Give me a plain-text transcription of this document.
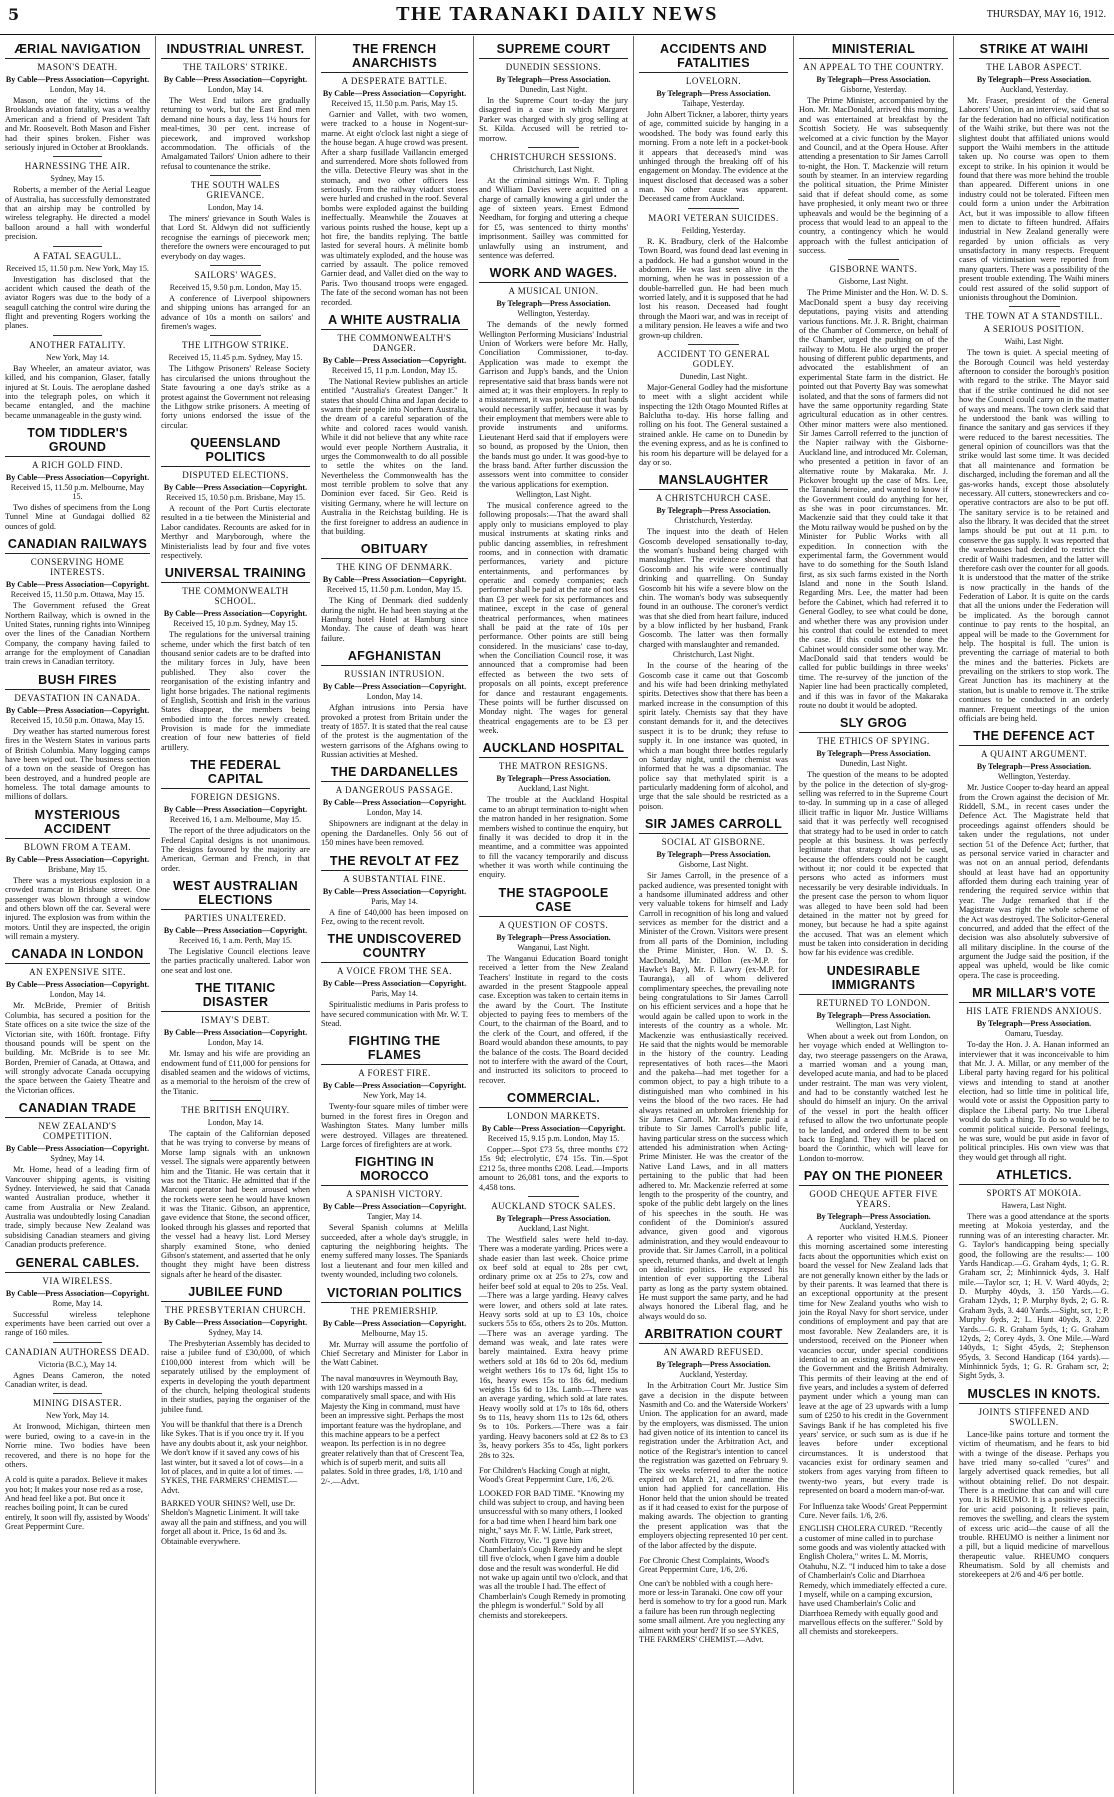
5	THE TARANAKI DAILY NEWS	THURSDAY, MAY 16, 1912.
ÆRIAL NAVIGATION
MASON'S DEATH.
By Cable—Press Association—Copyright.
London, May 14.

Mason, one of the victims of the Brooklands aviation fatality, was a wealthy American and a friend of President Taft and Mr. Roosevelt. Both Mason and Fisher had their spines broken. Fisher was seriously injured in October at Brooklands.

HARNESSING THE AIR.
Sydney, May 15.

Roberts, a member of the Aerial League of Australia, has successfully demonstrated that an airship may be controlled by wireless telegraphy. He directed a model balloon around a hall with wonderful precision.

A FATAL SEAGULL.
Received 15, 11.50 p.m. New York, May 15.

Investigation has disclosed that the accident which caused the death of the aviator Rogers was due to the body of a seagull catching the control wire during the flight and preventing Rogers working the planes.

ANOTHER FATALITY.
New York, May 14.

Bay Wheeler, an amateur aviator, was killed, and his companion, Glaser, fatally injured at St. Louis. The aeroplane dashed into the telegraph poles, on which it became entangled, and the machine became unmanageable in the gusty wind.

TOM TIDDLER'S GROUND
A RICH GOLD FIND.
By Cable—Press Association—Copyright.
Received 15, 11.50 p.m. Melbourne, May 15.

Two dishes of specimens from the Long Tunnel Mine at Gundagai dollied 82 ounces of gold.

CANADIAN RAILWAYS
CONSERVING HOME INTERESTS.
By Cable—Press Association—Copyright.
Received 15, 11.50 p.m. Ottawa, May 15.

The Government refused the Great Northern Railway, which is owned in the United States, running rights into Winnipeg over the lines of the Canadian Northern Company, the company having failed to arrange for the employment of Canadian train crews in Canadian territory.

BUSH FIRES
DEVASTATION IN CANADA.
By Cable—Press Association—Copyright.
Received 15, 10.50 p.m. Ottawa, May 15.

Dry weather has started numerous forest fires in the Western States in various parts of British Columbia. Many logging camps have been wiped out. The business section of a town on the seaside of Oregon has been destroyed, and a hundred people are homeless. The total damage amounts to millions of dollars.

MYSTERIOUS ACCIDENT
BLOWN FROM A TEAM.
By Cable—Press Association—Copyright.
Brisbane, May 15.

There was a mysterious explosion in a crowded tramcar in Brisbane street. One passenger was blown through a window and others blown off the car. Several were injured. The explosion was from within the motors. Until they are inspected, the origin will remain a mystery.

CANADA IN LONDON
AN EXPENSIVE SITE.
By Cable—Press Association—Copyright.
London, May 14.

Mr. McBride, Premier of British Columbia, has secured a position for the State offices on a site twice the size of the Victorian site, with 160ft. frontage. Fifty thousand pounds will be spent on the building. Mr. McBride is to see Mr. Borden, Premier of Canada, at Ottawa, and will strongly advocate Canada occupying the space between the Gaiety Theatre and the Victorian offices.

CANADIAN TRADE
NEW ZEALAND'S COMPETITION.
By Cable—Press Association—Copyright.
Sydney, May 14.

Mr. Home, head of a leading firm of Vancouver shipping agents, is visiting Sydney. Interviewed, he said that Canada wanted Australian produce, whether it came from Australia or New Zealand. Australia was undoubtedly losing Canadian trade, simply because New Zealand was subsidising Canadian steamers and giving Canadian products preference.

GENERAL CABLES.
VIA WIRELESS.
By Cable—Press Association—Copyright.
Rome, May 14.

Successful wireless telephone experiments have been carried out over a range of 160 miles.

CANADIAN AUTHORESS DEAD.
Victoria (B.C.), May 14.

Agnes Deans Cameron, the noted Canadian writer, is dead.

MINING DISASTER.
New York, May 14.

At Ironwood, Michigan, thirteen men were buried, owing to a cave-in in the Norrie mine. Two bodies have been recovered, and there is no hope for the others.

A cold is quite a paradox. Believe it makes you hot; It makes your nose red as a rose, And head feel like a pot. But once it reaches boiling point, It can be cured entirely, It soon will fly, assisted by Woods' Great Peppermint Cure.
INDUSTRIAL UNREST.
THE TAILORS' STRIKE.
By Cable—Press Association—Copyright.
London, May 14.

The West End tailors are gradually returning to work, but the East End men demand nine hours a day, less 1¼ hours for meal-times, 30 per cent. increase of piecework, and improved workshop accommodation. The officials of the Amalgamated Tailors' Union adhere to their refusal to countenance the strike.

THE SOUTH WALES GRIEVANCE.
London, May 14.

The miners' grievance in South Wales is that Lord St. Aldwyn did not sufficiently recognise the earnings of piecework men; therefore the owners were encouraged to put everybody on day wages.

SAILORS' WAGES.
Received 15, 9.50 p.m. London, May 15.

A conference of Liverpool shipowners and shipping unions has arranged for an advance of 10s a month on sailors' and firemen's wages.

THE LITHGOW STRIKE.
Received 15, 11.45 p.m. Sydney, May 15.

The Lithgow Prisoners' Release Society has circularised the unions throughout the State favouring a one day's strike as a protest against the Government not releasing the Lithgow strike prisoners. A meeting of forty unions endorsed the issue of the circular.

QUEENSLAND POLITICS
DISPUTED ELECTIONS.
By Cable—Press Association—Copyright.
Received 15, 10.50 p.m. Brisbane, May 15.

A recount of the Port Curtis electorate resulted in a tie between the Ministerial and Labor candidates. Recounts are asked for in Merthyr and Maryborough, where the Ministerialists lead by four and five votes respectively.

UNIVERSAL TRAINING
THE COMMONWEALTH SCHOOL.
By Cable—Press Association—Copyright.
Received 15, 10 p.m. Sydney, May 15.

The regulations for the universal training scheme, under which the first batch of ten thousand senior cadets are to be drafted into the military forces in July, have been published. They also cover the reorganisation of the existing infantry and light horse brigades. The national regiments of English, Scottish and Irish in the various States disappear, the members being embodied into the forces newly created. Provision is made for the immediate creation of four new batteries of field artillery.

THE FEDERAL CAPITAL
FOREIGN DESIGNS.
By Cable—Press Association—Copyright.
Received 16, 1 a.m. Melbourne, May 15.

The report of the three adjudicators on the Federal Capital designs is not unanimous. The designs favoured by the majority are American, German and French, in that order.

WEST AUSTRALIAN ELECTIONS
PARTIES UNALTERED.
By Cable—Press Association—Copyright.
Received 16, 1 a.m. Perth, May 15.

The Legislative Council elections leave the parties practically unaltered. Labor won one seat and lost one.

THE TITANIC DISASTER
ISMAY'S DEBT.
By Cable—Press Association—Copyright.
London, May 14.

Mr. Ismay and his wife are providing an endowment fund of £11,000 for pensions for disabled seamen and the widows of victims, as a memorial to the heroism of the crew of the Titanic.

THE BRITISH ENQUIRY.
London, May 14.

The captain of the Californian deposed that he was trying to converse by means of Morse lamp signals with an unknown vessel. The signals were apparently between him and the Titanic. He was certain that it was not the Titanic. He admitted that if the Marconi operator had been aroused when the rockets were seen he would have known it was the Titanic. Gibson, an apprentice, gave evidence that Stone, the second officer, looked through his glasses and reported that the vessel had a heavy list. Lord Mersey sharply examined Stone, who denied Gibson's statement, and asserted that he only thought they might have been distress signals after he heard of the disaster.

JUBILEE FUND
THE PRESBYTERIAN CHURCH.
By Cable—Press Association—Copyright.
Sydney, May 14.

The Presbyterian Assembly has decided to raise a jubilee fund of £30,000, of which £100,000 interest from which will be separately utilised by the employment of experts in developing the youth department of the church, helping theological students in their studies, paying the organiser of the jubilee fund.

You will be thankful that there is a Drench like Sykes. That is if you once try it. If you have any doubts about it, ask your neighbor. We don't know if it saved any cows of his last winter, but it saved a lot of cows—in a lot of places, and in quite a lot of times. — SYKES, THE FARMERS' CHEMIST.—Advt.
BARKED YOUR SHINS? Well, use Dr. Sheldon's Magnetic Liniment. It will take away all the pain and stiffness, and you will forget all about it. Price, 1s 6d and 3s. Obtainable everywhere.
THE FRENCH ANARCHISTS
A DESPERATE BATTLE.
By Cable—Press Association—Copyright.
Received 15, 11.50 p.m. Paris, May 15.

Garnier and Vallet, with two women, were tracked to a house in Nogent-sur-marne. At eight o'clock last night a siege of the house began. A huge crowd was present. After a sharp fusillade Vaillancin emerged and surrendered. More shots followed from the villa. Detective Fleury was shot in the stomach, and two other officers less seriously. From the railway viaduct stones were hurled and crushed in the roof. Several bombs were exploded against the building ineffectually. Meanwhile the Zouaves at various points rushed the house, kept up a hot fire, the bandits replying. The battle lasted for several hours. A mélinite bomb was ultimately exploded, and the house was carried by assault. The police removed Garnier dead, and Vallet died on the way to Paris. Two thousand troops were engaged. The fate of the second woman has not been recorded.

A WHITE AUSTRALIA
THE COMMONWEALTH'S DANGER.
By Cable—Press Association—Copyright.
Received 15, 11 p.m. London, May 15.

The National Review publishes an article entitled "Australia's Greatest Danger." It states that should China and Japan decide to swarm their people into Northern Australia, the dream of a careful separation of the white and colored races would vanish. While it did not believe that any white race would ever people Northern Australia, it urges the Commonwealth to do all possible to settle the whites on the land. Nevertheless the Commonwealth has the most terrible problem to solve that any Dominion ever faced. Sir Geo. Reid is visiting Germany, where he will lecture on Australia in the Reichstag building. He is the first foreigner to address an audience in that building.

OBITUARY
THE KING OF DENMARK.
By Cable—Press Association—Copyright.
Received 15, 11.50 p.m. London, May 15.

The King of Denmark died suddenly during the night. He had been staying at the Hamburg hotel Hotel at Hamburg since Monday. The cause of death was heart failure.

AFGHANISTAN
RUSSIAN INTRUSION.
By Cable—Press Association—Copyright.
London, May 14.

Afghan intrusions into Persia have provoked a protest from Britain under the treaty of 1857. It is stated that the real cause of the protest is the augmentation of the western garrisons of the Afghans owing to Russian activities at Meshed.

THE DARDANELLES
A DANGEROUS PASSAGE.
By Cable—Press Association—Copyright.
London, May 14.

Shipowners are indignant at the delay in opening the Dardanelles. Only 56 out of 150 mines have been removed.

THE REVOLT AT FEZ
A SUBSTANTIAL FINE.
By Cable—Press Association—Copyright.
Paris, May 14.

A fine of £40,000 has been imposed on Fez, owing to the recent revolt.

THE UNDISCOVERED COUNTRY
A VOICE FROM THE SEA.
By Cable—Press Association—Copyright.
Paris, May 14.

Spiritualistic mediums in Paris profess to have secured communication with Mr. W. T. Stead.

FIGHTING THE FLAMES
A FOREST FIRE.
By Cable—Press Association—Copyright.
New York, May 14.

Twenty-four square miles of timber were burned in the forest fires in Oregon and Washington States. Many lumber mills were destroyed. Villages are threatened. Large forces of firefighters are at work.

FIGHTING IN MOROCCO
A SPANISH VICTORY.
By Cable—Press Association—Copyright.
Tangier, May 14.

Several Spanish columns at Melilla succeeded, after a whole day's struggle, in capturing the neighboring heights. The enemy suffered many losses. The Spaniards lost a lieutenant and four men killed and twenty wounded, including two colonels.

VICTORIAN POLITICS
THE PREMIERSHIP.
By Cable—Press Association—Copyright.
Melbourne, May 15.

Mr. Murray will assume the portfolio of Chief Secretary and Minister for Labor in the Watt Cabinet.

The naval manœuvres in Weymouth Bay, with 120 warships massed in a comparatively small space, and with His Majesty the King in command, must have been an impressive sight. Perhaps the most important feature was the hydroplane, and this machine appears to be a perfect weapon. Its perfection is in no degree greater relatively than that of Crescent Tea, which is of superb merit, and suits all palates. Sold in three grades, 1/8, 1/10 and 2/-.—Advt.
SUPREME COURT
DUNEDIN SESSIONS.
By Telegraph—Press Association.
Dunedin, Last Night.

In the Supreme Court to-day the jury disagreed in a case in which Margaret Parker was charged with sly grog selling at St. Kilda. Accused will be retried to-morrow.

CHRISTCHURCH SESSIONS.
Christchurch, Last Night.

At the criminal sittings Wm. F. Tipling and William Davies were acquitted on a charge of carnally knowing a girl under the age of sixteen years. Ernest Edmond Needham, for forging and uttering a cheque for £5, was sentenced to thirty months' imprisonment. Sailley was committed for unlawfully using an instrument, and sentence was deferred.

WORK AND WAGES.
A MUSICAL UNION.
By Telegraph—Press Association.
Wellington, Yesterday.

The demands of the newly formed Wellington Performing Musicians' Industrial Union of Workers were before Mr. Hally, Conciliation Commissioner, to-day. Application was made to exempt the Garrison and Jupp's bands, and the Union representative said that brass bands were not aimed at; it was their employers. In reply to a misstatement, it was pointed out that bands would necessarily suffer, because it was by their employment that members were able to provide instruments and uniforms. Lieutenant Herd said that if employers were so bound, as proposed by the Union, then the bands must go under. It was good-bye to the brass band. After further discussion the assessors went into committee to consider the various applications for exemption.

Wellington, Last Night.

The musical conference agreed to the following proposals:—That the award shall apply only to musicians employed to play musical instruments at skating rinks and public dancing assemblies, in refreshment rooms, and in connection with dramatic performances, variety and picture entertainments, and performances by operatic and comedy companies; each performer shall be paid at the rate of not less than £3 per week for six performances and matinee, except in the case of general theatrical performances, when matinees shall be paid at the rate of 10s per performance. Other points are still being considered. In the musicians' case to-day, when the Conciliation Council rose, it was announced that a compromise had been effected as between the two sets of proposals on all points, except preference for dance and restaurant engagements. These points will be further discussed on Monday night. The wages for general theatrical engagements are to be £3 per week.

AUCKLAND HOSPITAL
THE MATRON RESIGNS.
By Telegraph—Press Association.
Auckland, Last Night.

The trouble at the Auckland Hospital came to an abrupt termination to-night when the matron handed in her resignation. Some members wished to continue the enquiry, but finally it was decided to drop it in the meantime, and a committee was appointed to fill the vacancy temporarily and discuss whether it was worth while continuing the enquiry.

THE STAGPOOLE CASE
A QUESTION OF COSTS.
By Telegraph—Press Association.
Wanganui, Last Night.

The Wanganui Education Board tonight received a letter from the New Zealand Teachers' Institute in regard to the costs awarded in the present Stagpoole appeal case. Exception was taken to certain items in the award by the Court. The Institute objected to paying fees to members of the Court, to the chairman of the Board, and to the clerk of the Court, and offered, if the Board would abandon these amounts, to pay the balance of the costs. The Board decided not to interfere with the award of the Court, and instructed its solicitors to proceed to recover.

COMMERCIAL.
LONDON MARKETS.
By Cable—Press Association—Copyright.
Received 15, 9.15 p.m. London, May 15.

Copper.—Spot £73 5s, three months £72 15s 9d; electrolytic, £74 15s. Tin.—Spot £212 5s, three months £208. Lead.—Imports amount to 26,081 tons, and the exports to 4,458 tons.

AUCKLAND STOCK SALES.
By Telegraph—Press Association.
Auckland, Last Night.

The Westfield sales were held to-day. There was a moderate yarding. Prices were a shade easier than last week. Choice prime ox beef sold at equal to 28s per cwt, ordinary prime ox at 25s to 27s, cow and heifer beef sold at equal to 20s to 25s. Veal.—There was a large yarding. Heavy calves were lower, and others sold at late rates. Heavy sorts sold at up to £3 10s, choice suckers 55s to 65s, others 2s to 20s. Mutton.—There was an average yarding. The demand was weak, and late rates were barely maintained. Extra heavy prime wethers sold at 18s 6d to 20s 6d, medium weight wethers 16s to 17s 6d, light 15s to 16s, heavy ewes 15s to 18s 6d, medium weights 15s 6d to 13s. Lamb.—There was an average yarding, which sold at late rates. Heavy woolly sold at 17s to 18s 6d, others 9s to 11s, heavy shorn 11s to 12s 6d, others 9s to 10s. Porkers.—There was a fair yarding. Heavy baconers sold at £2 8s to £3 3s, heavy porkers 35s to 45s, light porkers 28s to 32s.

For Children's Hacking Cough at night, Wood's Great Peppermint Cure, 1/6, 2/6.
LOOKED FOR BAD TIME. "Knowing my child was subject to croup, and having been unsuccessful with so many others, I looked for a bad time when I heard him bark one night," says Mr. F. W. Little, Park street, North Fitzroy, Vic. "I gave him Chamberlain's Cough Remedy and he slept till five o'clock, when I gave him a double dose and the result was wonderful. He did not wake up again until two o'clock, and that was all the trouble I had. The effect of Chamberlain's Cough Remedy in promoting the phlegm is wonderful." Sold by all chemists and storekeepers.
ACCIDENTS AND FATALITIES
LOVELORN.
By Telegraph—Press Association.
Taihape, Yesterday.

John Albert Tickner, a laborer, thirty years of age, committed suicide by hanging in a woodshed. The body was found early this morning. From a note left in a pocket-book it appears that deceased's mind was unhinged through the breaking off of his engagement on Monday. The evidence at the inquest disclosed that deceased was a sober man. No other cause was apparent. Deceased came from Auckland.

MAORI VETERAN SUICIDES.
Feilding, Yesterday.

R. K. Bradbury, clerk of the Halcombe Town Board, was found dead last evening in a paddock. He had a gunshot wound in the abdomen. He was last seen alive in the morning, when he was in possession of a double-barrelled gun. He had been much worried lately, and it is supposed that he had lost his reason. Deceased had fought through the Maori war, and was in receipt of a military pension. He leaves a wife and two grown-up children.

ACCIDENT TO GENERAL GODLEY.
Dunedin, Last Night.

Major-General Godley had the misfortune to meet with a slight accident while inspecting the 12th Otago Mounted Rifles at Balclutha to-day. His horse falling and rolling on his foot. The General sustained a strained ankle. He came on to Dunedin by the evening express, and as he is confined to his room his departure will be delayed for a day or so.

MANSLAUGHTER
A CHRISTCHURCH CASE.
By Telegraph—Press Association.
Christchurch, Yesterday.

The inquest into the death of Helen Goscomb developed sensationally to-day, the woman's husband being charged with manslaughter. The evidence showed that Goscomb and his wife were continually drinking and quarrelling. On Sunday Goscomb hit his wife a severe blow on the chin. The woman's body was subsequently found in an outhouse. The coroner's verdict was that she died from heart failure, induced by a blow inflicted by her husband, Frank Goscomb. The latter was then formally charged with manslaughter and remanded.

Christchurch, Last Night.

In the course of the hearing of the Goscomb case it came out that Goscomb and his wife had been drinking methylated spirits. Detectives show that there has been a marked increase in the consumption of this spirit lately. Chemists say that they have constant demands for it, and the detectives suspect it is to be drunk; they refuse to supply it. In one instance was quoted, in which a man bought three bottles regularly on Saturday night, until the chemist was informed that he was a dipsomaniac. The police say that methylated spirit is a particularly maddening form of alcohol, and urge that the sale should be restricted as a poison.

SIR JAMES CARROLL
SOCIAL AT GISBORNE.
By Telegraph—Press Association.
Gisborne, Last Night.

Sir James Carroll, in the presence of a packed audience, was presented tonight with a handsome illuminated address and other very valuable tokens for himself and Lady Carroll in recognition of his long and valued services as member for the district and a Minister of the Crown. Visitors were present from all parts of the Dominion, including the Prime Minister, Hon. W. D. S. MacDonald, Mr. Dillon (ex-M.P. for Hawke's Bay), Mr. F. Lawry (ex-M.P. for Tauranga), all of whom delivered complimentary speeches, the prevailing note being congratulations to Sir James Carroll on his efficient services and a hope that he would again be called upon to work in the interests of the country as a whole. Mr. Mackenzie was enthusiastically received. He said that the nights would be memorable in the history of the country. Leading representatives of both races—the Maori and the pakeha—had met together for a common object, to pay a high tribute to a distinguished man who combined in his veins the blood of the two races. He had always retained an unbroken friendship for Sir James Carroll. Mr. Mackenzie paid a tribute to Sir James Carroll's public life, having particular stress on the success which attended his administration when Acting-Prime Minister. He was the creator of the Native Land Laws, and in all matters pertaining to the public that had been adhered to. Mr. Mackenzie referred at some length to the prosperity of the country, and spoke of the public debt largely on the lines of his speeches in the south. He was confident of the Dominion's assured advance, given good and vigorous administration, and they would endeavour to provide that. Sir James Carroll, in a political speech, returned thanks, and dwelt at length on idealistic politics. He expressed his intention of ever supporting the Liberal party as long as the party system obtained. He must support the same party, and he had always honored the Liberal flag, and he always would do so.

ARBITRATION COURT
AN AWARD REFUSED.
By Telegraph—Press Association.
Auckland, Yesterday.

In the Arbitration Court Mr. Justice Sim gave a decision in the dispute between Nasmith and Co. and the Waterside Workers' Union. The application for an award, made by the employers, was dismissed. The union had given notice of its intention to cancel its registration under the Arbitration Act, and notice of the Registrar's intention to cancel the registration was gazetted on February 9. The six weeks referred to after the notice expired on March 21, and meantime the union had applied for cancellation. His Honor held that the union should be treated as if it had ceased to exist for the purpose of making awards. The objection to granting the present application was that the employers objecting represented 10 per cent. of the labor affected by the dispute.

For Chronic Chest Complaints, Wood's Great Peppermint Cure, 1/6, 2/6.
One can't be nobbled with a cough here-more or less-in Taranaki. One cow off your herd is somehow to try for a good run. Mark a failure has been run through neglecting some small ailment. Are you neglecting any ailment with your herd? If so see SYKES, THE FARMERS' CHEMIST.—Advt.
MINISTERIAL
AN APPEAL TO THE COUNTRY.
By Telegraph—Press Association.
Gisborne, Yesterday.

The Prime Minister, accompanied by the Hon. Mr. MacDonald, arrived this morning, and was entertained at breakfast by the Scottish Society. He was subsequently welcomed at a civic function by the Mayor and Council, and at the Opera House. After attending a presentation to Sir James Carroll to-night, the Hon. T. Mackenzie will return south by steamer. In an interview regarding the political situation, the Prime Minister said that if defeat should come, as some have prophesied, it only meant two or three upheavals and would be the beginning of a process that would lead to an appeal to the country, a contingency which he would approach with the fullest anticipation of success.

GISBORNE WANTS.
Gisborne, Last Night.

The Prime Minister and the Hon. W. D. S. MacDonald spent a busy day receiving deputations, paying visits and attending various functions. Mr. J. R. Bright, chairman of the Chamber of Commerce, on behalf of the Chamber, urged the pushing on of the railway to Motu. He also urged the proper housing of different public departments, and advocated the establishment of an experimental State farm in the district. He pointed out that Poverty Bay was somewhat isolated, and that the sons of farmers did not have the same opportunity regarding State agricultural education as in other centres. Other minor matters were also mentioned. Sir James Carroll referred to the junction of the Napier railway with the Gisborne-Auckland line, and introduced Mr. Coleman, who presented a petition in favor of an alternative route by Makaraka. Mr. J. Pickover brought up the case of Mrs. Lee, the Taranaki heroine, and wanted to know if the Government could do anything for her, as she was in poor circumstances. Mr. Mackenzie said that they could take it that the Motu railway would be pushed on by the Minister for Public Works with all expedition. In connection with the experimental farm, the Government would have to do something for the South Island first, as six such farms existed in the North Island and none in the South Island. Regarding Mrs. Lee, the matter had been before the Cabinet, which had referred it to General Godley, to see what could be done, and whether there was any provision under his control that could be extended to meet the case. If this could not be done the Cabinet would consider some other way. Mr. MacDonald said that tenders would be called for public buildings in three weeks' time. The re-survey of the junction of the Napier line had been practically completed, and if this was in favor of the Makaraka route no doubt it would be adopted.

SLY GROG
THE ETHICS OF SPYING.
By Telegraph—Press Association.
Dunedin, Last Night.

The question of the means to be adopted by the police in the detection of sly-grog-selling was referred to in the Supreme Court to-day. In summing up in a case of alleged illicit traffic in liquor Mr. Justice Williams said that it was perfectly well recognised that strategy had to be used in order to catch people at this business. It was perfectly legitimate that strategy should be used, because the offenders could not be caught without it; nor could it be expected that persons who acted as informers must necessarily be very desirable individuals. In the present case the person to whom liquor was alleged to have been sold had been detained in the matter not by greed for money, but because he had a spite against the accused. That was an element which must be taken into consideration in deciding how far his evidence was credible.

UNDESIRABLE IMMIGRANTS
RETURNED TO LONDON.
By Telegraph—Press Association.
Wellington, Last Night.

When about a week out from London, on her voyage which ended at Wellington to-day, two steerage passengers on the Arawa, a married woman and a young man, developed acute mania, and had to be placed under restraint. The man was very violent, and had to be constantly watched lest he should do himself an injury. On the arrival of the vessel in port the health officer refused to allow the two unfortunate people to be landed, and ordered them to be sent back to England. They will be placed on board the Corinthic, which will leave for London to-morrow.

PAY ON THE PIONEER
GOOD CHEQUE AFTER FIVE YEARS.
By Telegraph—Press Association.
Auckland, Yesterday.

A reporter who visited H.M.S. Pioneer this morning ascertained some interesting facts about the opportunities which exist on board the vessel for New Zealand lads that are not generally known either by the lads or by their parents. It was learned that there is an exceptional opportunity at the present time for New Zealand youths who wish to join the Royal Navy for short service, under conditions of employment and pay that are most favorable. New Zealanders are, it is understood, received on the Pioneer when vacancies occur, under special conditions identical to an existing agreement between the Government and the British Admiralty. This permits of their leaving at the end of five years, and includes a system of deferred payment under which a young man can leave at the age of 23 upwards with a lump sum of £250 to his credit in the Government Savings Bank if he has completed his five years' service, or such sum as is due if he leaves before under exceptional circumstances. It is understood that vacancies exist for ordinary seamen and stokers from ages varying from fifteen to twenty-two years, but every trade is represented on board a modern man-of-war.

For Influenza take Woods' Great Peppermint Cure. Never fails. 1/6, 2/6.
ENGLISH CHOLERA CURED. "Recently a customer of mine called in to purchase some goods and was violently attacked with English Cholera," writes L. M. Morris, Otahuhu, N.Z. "I induced him to take a dose of Chamberlain's Colic and Diarrhoea Remedy, which immediately effected a cure. I myself, while on a camping excursion, have used Chamberlain's Colic and Diarrhoea Remedy with equally good and marvellous effects on the sufferer." Sold by all chemists and storekeepers.
STRIKE AT WAIHI
THE LABOR ASPECT.
By Telegraph—Press Association.
Auckland, Yesterday.

Mr. Fraser, president of the General Laborers' Union, in an interview, said that so far the federation had no official notification of the Waihi strike, but there was not the slightest doubt that affiliated unions would support the Waihi members in the attitude taken up. No course was open to them except to strike. In his opinion it would be found that there was more behind the trouble than appeared. Different unions in one industry could not be tolerated. Fifteen men could form a union under the Arbitration Act, but it was impossible to allow fifteen men to dictate to fifteen hundred. Affairs industrial in New Zealand generally were regarded by union officials as very unsatisfactory in many respects. Frequent cases of victimisation were reported from many quarters. There was a possibility of the present trouble extending. The Waihi miners could rest assured of the solid support of unionists throughout the Dominion.

THE TOWN AT A STANDSTILL.
A SERIOUS POSITION.
Waihi, Last Night.

The town is quiet. A special meeting of the Borough Council was held yesterday afternoon to consider the borough's position with regard to the strike. The Mayor said that if the strike continued he did not see how the Council could carry on in the matter of ways and means. The town clerk said that he understood the bank was willing to finance the sanitary and gas services if they were reduced to the barest necessities. The general opinion of councillors was that the strike would last some time. It was decided that all maintenance and formation be discharged, including the foreman and all the gas-works hands, except those absolutely necessary. All cutters, stonewreckers and co-operative contractors are also to be put off. The sanitary service is to be retained and also the library. It was decided that the street lamps should be put out at 11 p.m. to conserve the gas supply. It was reported that the warehouses had decided to restrict the credit of Waihi tradesmen, and the latter will therefore cash over the counter for all goods. It is understood that the matter of the strike is now practically in the hands of the Federation of Labor. It is quite on the cards that all the unions under the Federation will be implicated. As the borough cannot continue to pay rents to the hospital, an appeal will be made to the Government for help. The hospital is full. The union is preventing the carriage of material to both the mines and the batteries. Pickets are prevailing on the strikers to stop work. The Great Junction has its machinery at the station, but is unable to remove it. The strike continues to be conducted in an orderly manner. Frequent meetings of the union officials are being held.

THE DEFENCE ACT
A QUAINT ARGUMENT.
By Telegraph—Press Association.
Wellington, Yesterday.

Mr. Justice Cooper to-day heard an appeal from the Crown against the decision of Mr. Riddell, S.M., in recent cases under the Defence Act. The Magistrate held that proceedings against offenders should be taken under the regulations, not under section 51 of the Defence Act; further, that as personal service varied in character and was not on an annual period, defendants should at least have had an opportunity afforded them during each training year of rendering the required service within that year. The Judge remarked that if the Magistrate was right the whole scheme of the Act was destroyed. The Solicitor-General concurred, and added that the effect of the decision was also absolutely subversive of all military discipline. In the course of the argument the Judge said the position, if the appeal was upheld, would be like comic opera. The case is proceeding.

MR MILLAR'S VOTE
HIS LATE FRIENDS ANXIOUS.
By Telegraph—Press Association.
Oamaru, Tuesday.

To-day the Hon. J. A. Hanan informed an interviewer that it was inconceivable to him that Mr. J. A. Millar, or any member of the Liberal party having regard for his political views and intending to stand at another election, had so little time in political life, would vote or assist the Opposition party to displace the Liberal party. No true Liberal would do such a thing. To do so would be to commit political suicide. Personal feelings, he was sure, would be put aside in favor of political principles. His own view was that they would get through all right.

ATHLETICS.
SPORTS AT MOKOIA.
Hawera, Last Night.

There was a good attendance at the sports meeting at Mokoia yesterday, and the running was of an interesting character. Mr. G. Taylor's handicapping being specially good, the following are the results:— 100 Yards Handicap.—G. Graham 4yds, 1; G. R. Graham scr, 2; Minhinnick 4yds, 3. Half mile.—Taylor scr, 1; H. V. Ward 40yds, 2; D. Murphy 40yds, 3. 150 Yards.—G. Graham 12yds, 1; P. Murphy 8yds, 2; G. R. Graham 3yds, 3. 440 Yards.—Sight, scr, 1; P. Murphy 6yds, 2; L. Hunt 40yds, 3. 220 Yards.—G. R. Graham 5yds, 1; G. Graham 12yds, 2; Corey 4yds, 3. One Mile.—Ward 140yds, 1; Sight 45yds, 2; Stephenson 95yds, 3. Second Handicap (164 yards).—Minhinnick 5yds, 1; G. R. Graham scr, 2; Sight 5yds, 3.

MUSCLES IN KNOTS.
JOINTS STIFFENED AND SWOLLEN.

Lance-like pains torture and torment the victim of rheumatism, and he fears to bid with a twinge of the disease. Perhaps you have tried many so-called "cures" and largely advertised quack remedies, but all without obtaining relief. Do not despair. There is a medicine that can and will cure you. It is RHEUMO. It is a positive specific for uric acid poisoning. It relieves pain, removes the swelling, and clears the system of excess uric acid—the cause of all the trouble. RHEUMO is neither a liniment nor a pill, but a liquid medicine of marvellous therapeutic value. RHEUMO conquers Rheumatism. Sold by all chemists and storekeepers at 2/6 and 4/6 per bottle.
